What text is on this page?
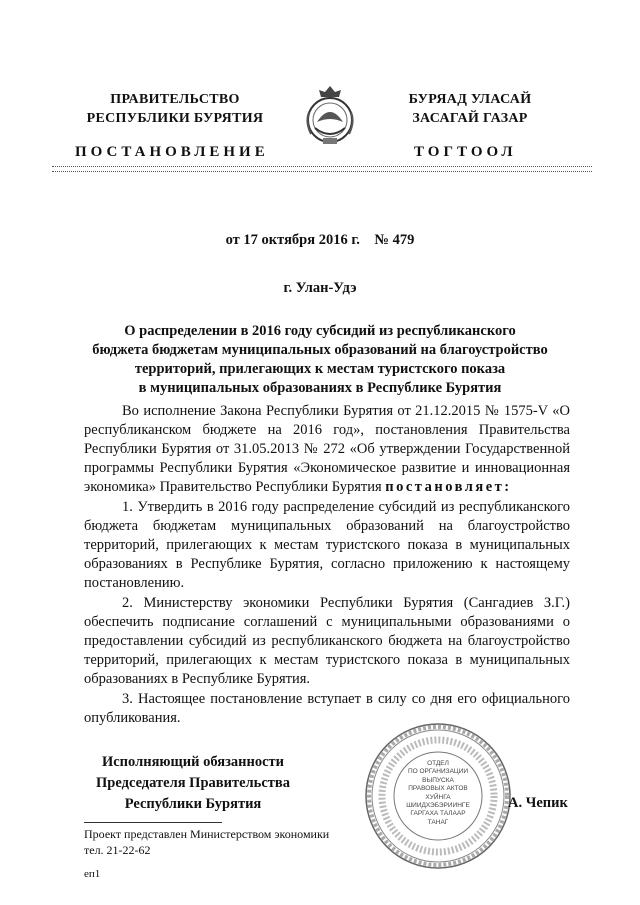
ПРАВИТЕЛЬСТВО
РЕСПУБЛИКИ БУРЯТИЯ
БУРЯАД УЛАСАЙ
ЗАСАГАЙ ГАЗАР
ПОСТАНОВЛЕНИЕ	ТОГТООЛ
от 17 октября 2016 г.    № 479
г. Улан-Удэ
О распределении в 2016 году субсидий из республиканского
бюджета бюджетам муниципальных образований на благоустройство
территорий, прилегающих к местам туристского показа
в муниципальных образованиях в Республике Бурятия

Во исполнение Закона Республики Бурятия от 21.12.2015 № 1575-V «О республиканском бюджете на 2016 год», постановления Правительства Республики Бурятия от 31.05.2013 № 272 «Об утверждении Государственной программы Республики Бурятия «Экономическое развитие и инновационная экономика» Правительство Республики Бурятия постановляет:

1. Утвердить в 2016 году распределение субсидий из республиканского бюджета бюджетам муниципальных образований на благоустройство территорий, прилегающих к местам туристского показа в муниципальных образованиях в Республике Бурятия, согласно приложению к настоящему постановлению.

2. Министерству экономики Республики Бурятия (Сангадиев З.Г.) обеспечить подписание соглашений с муниципальными образованиями о предоставлении субсидий из республиканского бюджета на благоустройство территорий, прилегающих к местам туристского показа в муниципальных образованиях в Республике Бурятия.

3. Настоящее постановление вступает в силу со дня его официального опубликования.

ОТДЕЛ
ПО ОРГАНИЗАЦИИ
ВЫПУСКА
ПРАВОВЫХ АКТОВ
ХУЙНГА
ШИИДХЭБЭРИИНГЕ
ГАРГАХА ТАЛААР
ТАНАГ
Исполняющий обязанности
Председателя Правительства
Республики Бурятия	А. Чепик
Проект представлен Министерством экономики
тел. 21-22-62
еп1
